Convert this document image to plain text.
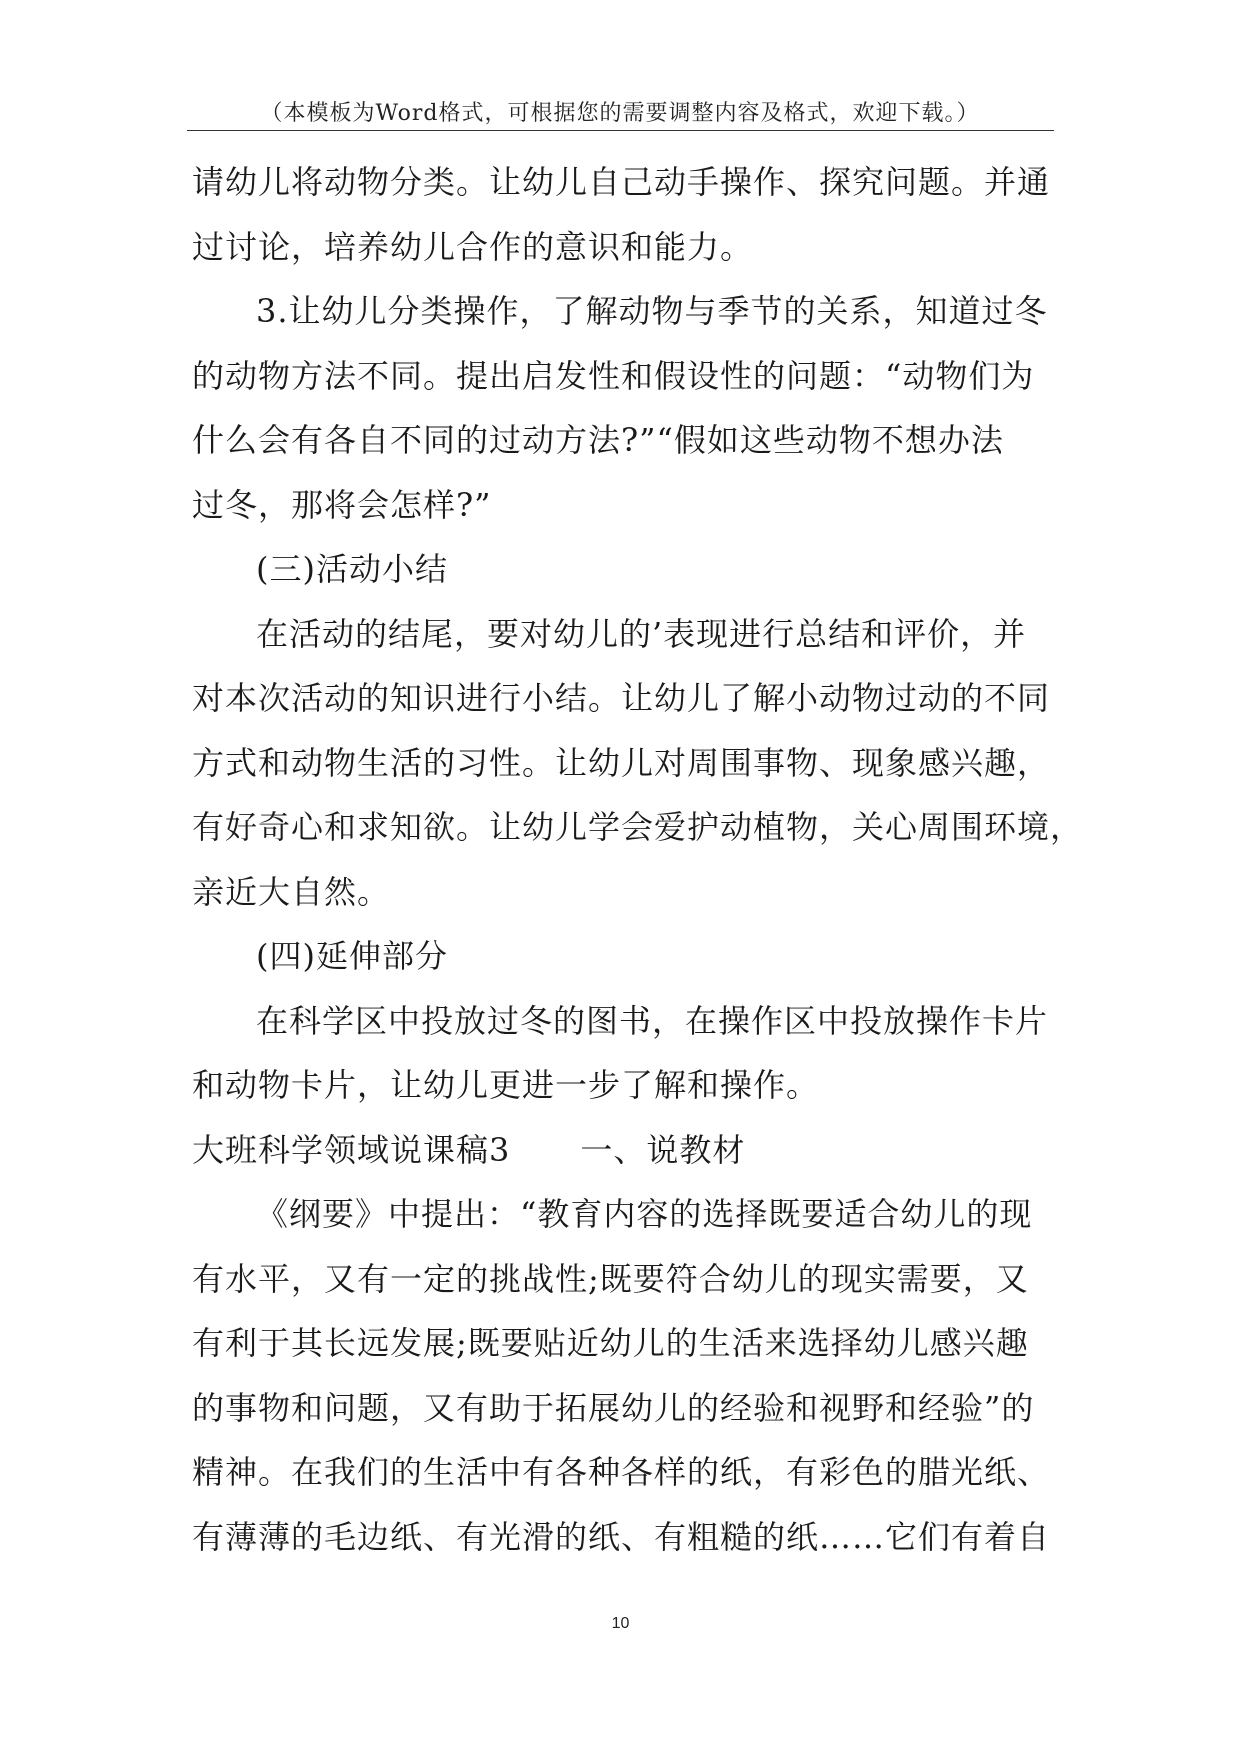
（本模板为Word格式，可根据您的需要调整内容及格式，欢迎下载。）
请幼儿将动物分类。让幼儿自己动手操作、探究问题。并通
过讨论，培养幼儿合作的意识和能力。
3.让幼儿分类操作，了解动物与季节的关系，知道过冬
的动物方法不同。提出启发性和假设性的问题：“动物们为
什么会有各自不同的过动方法?”“假如这些动物不想办法
过冬，那将会怎样?”
(三)活动小结
在活动的结尾，要对幼儿的’表现进行总结和评价，并
对本次活动的知识进行小结。让幼儿了解小动物过动的不同
方式和动物生活的习性。让幼儿对周围事物、现象感兴趣，
有好奇心和求知欲。让幼儿学会爱护动植物，关心周围环境，
亲近大自然。
(四)延伸部分
在科学区中投放过冬的图书，在操作区中投放操作卡片
和动物卡片，让幼儿更进一步了解和操作。
大班科学领域说课稿3 一、说教材
《纲要》中提出：“教育内容的选择既要适合幼儿的现
有水平，又有一定的挑战性;既要符合幼儿的现实需要，又
有利于其长远发展;既要贴近幼儿的生活来选择幼儿感兴趣
的事物和问题，又有助于拓展幼儿的经验和视野和经验”的
精神。在我们的生活中有各种各样的纸，有彩色的腊光纸、
有薄薄的毛边纸、有光滑的纸、有粗糙的纸……它们有着自
10
